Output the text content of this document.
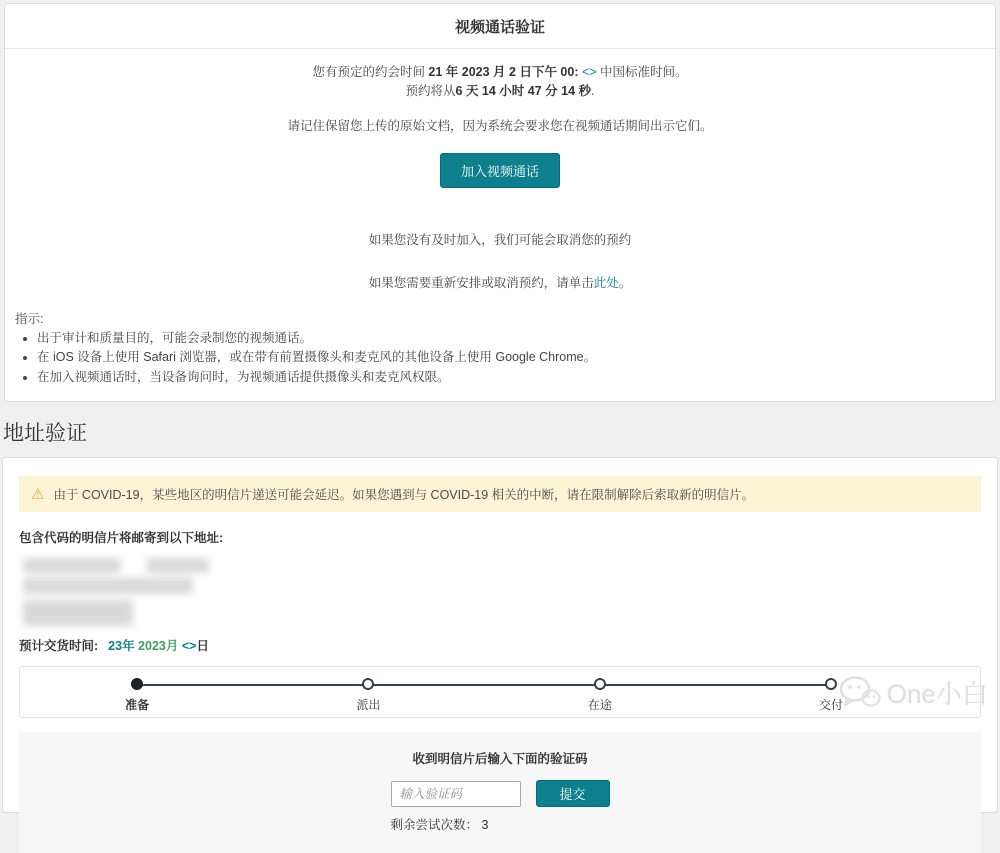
视频通话验证
您有预定的约会时间 21 年 2023 月 2 日下午 00: <> 中国标准时间。
预约将从6 天 14 小时 47 分 14 秒.
请记住保留您上传的原始文档，因为系统会要求您在视频通话期间出示它们。
加入视频通话
如果您没有及时加入，我们可能会取消您的预约
如果您需要重新安排或取消预约，请单击此处。
指示:
• 出于审计和质量目的，可能会录制您的视频通话。
• 在 iOS 设备上使用 Safari 浏览器，或在带有前置摄像头和麦克风的其他设备上使用 Google Chrome。
• 在加入视频通话时，当设备询问时，为视频通话提供摄像头和麦克风权限。
地址验证
⚠ 由于 COVID-19，某些地区的明信片递送可能会延迟。如果您遇到与 COVID-19 相关的中断，请在限制解除后索取新的明信片。
包含代码的明信片将邮寄到以下地址:
预计交货时间: 23年 2023月 <>日
准备	派出	在途	交付
收到明信片后输入下面的验证码
输入验证码
提交
剩余尝试次数： 3
One小白
